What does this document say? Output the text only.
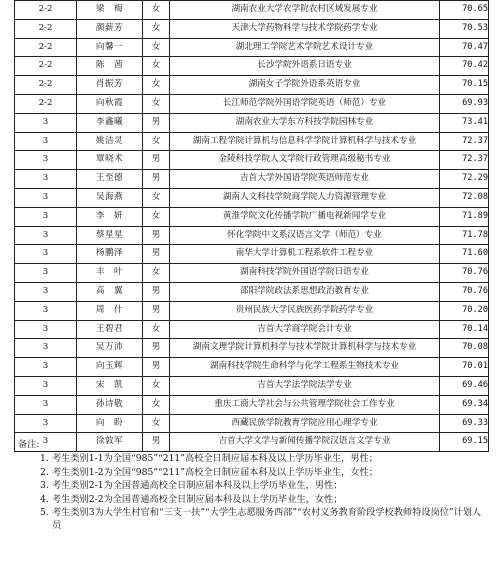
2-2	梁　梅	女	湖南农业大学农学院农村区域发展专业	70.65
2-2	颜薪芳	女	天津大学药物科学与技术学院药学专业	70.53
2-2	向馨一	女	湖北理工学院艺术学院艺术设计专业	70.47
2-2	陈　茜	女	长沙学院外语系日语专业	70.42
2-2	肖振芳	女	湖南女子学院外语系英语专业	70.15
2-2	向秋霞	女	长江师范学院外国语学院英语（师范）专业	69.93
3	李鑫曦	男	湖南农业大学东方科技学院园林专业	73.41
3	姚洁灵	女	湖南工程学院计算机与信息科学学院计算机科学与技术专业	72.37
3	覃晓术	男	金陵科技学院人文学院行政管理高级秘书专业	72.37
3	王至德	男	吉首大学外国语学院英语师范专业	72.29
3	吴海燕	女	湖南人文科技学院商学院人力资源管理专业	72.08
3	李　妍	女	黄淮学院文化传播学院广播电视新闻学专业	71.89
3	蔡星星	男	怀化学院中文系汉语言文学（师范）专业	71.78
3	杨鹏泽	男	南华大学计算机工程系软件工程专业	71.60
3	丰　叶	女	湖南科技学院外国语学院日语专业	70.76
3	高　翼	男	邵阳学院政法系思想政治教育专业	70.76
3	周　什	男	贵州民族大学民族医药学院药学专业	70.20
3	王碧君	女	吉首大学商学院会计专业	70.14
3	吴万沛	男	湖南文理学院计算机科学与技术学院计算机科学与技术专业	70.08
3	向玉辉	男	湖南科技学院生命科学与化学工程系生物技术专业	70.01
3	宋　凯	女	吉首大学法学院法学专业	69.46
3	孙诗敬	女	重庆工商大学社会与公共管理学院社会工作专业	69.34
3	向　盼	女	西藏民族学院教育学院应用心理学专业	69.33
3	徐敦军	男	吉首大学文学与新闻传播学院汉语言文学专业	69.15
备注:
1. 考生类别1-1为全国“985”“211”高校全日制应届本科及以上学历毕业生，男性；
2. 考生类别1-2为全国“985”“211”高校全日制应届本科及以上学历毕业生，女性；
3. 考生类别2-1为全国普通高校全日制应届本科及以上学历毕业生，男性；
4. 考生类别2-2为全国普通高校全日制应届本科及以上学历毕业生，女性；
5. 考生类别3为大学生村官和“三支一扶”“大学生志愿服务西部”“农村义务教育阶段学校教师特设岗位”计划人员
